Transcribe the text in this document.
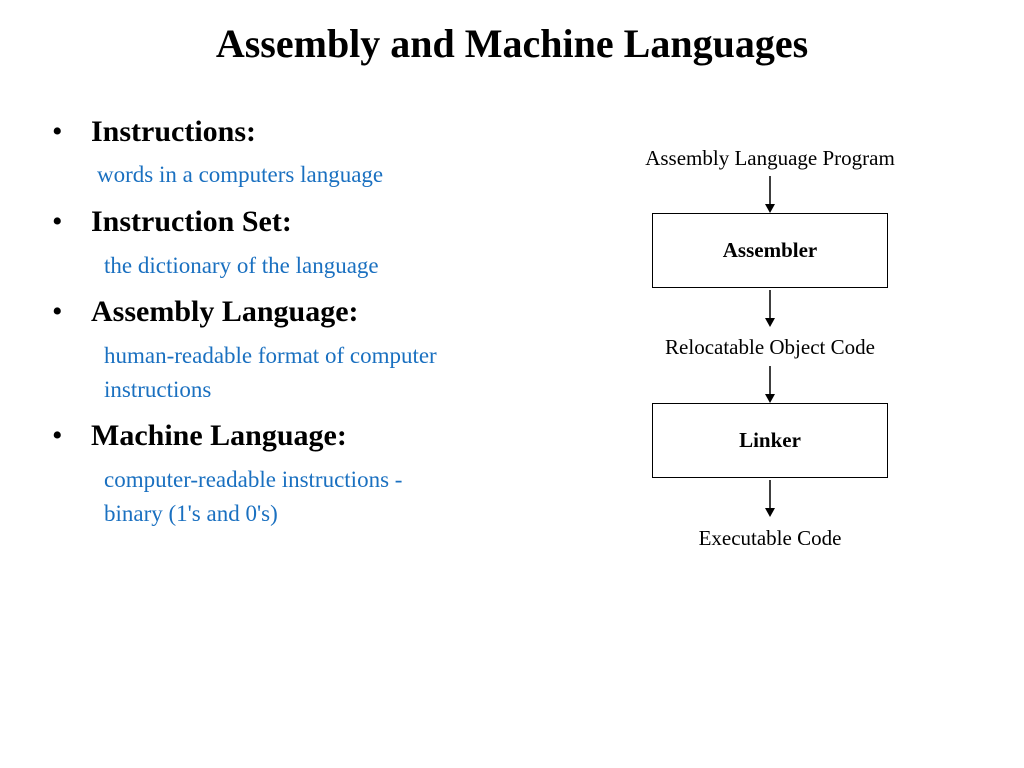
Assembly and Machine Languages
• Instructions:
words in a computers language
• Instruction Set:
the dictionary of the language
• Assembly Language:
human-readable format of computer
instructions
• Machine Language:
computer-readable instructions -
binary (1's and 0's)
Assembly Language Program
Assembler
Relocatable Object Code
Linker
Executable Code
